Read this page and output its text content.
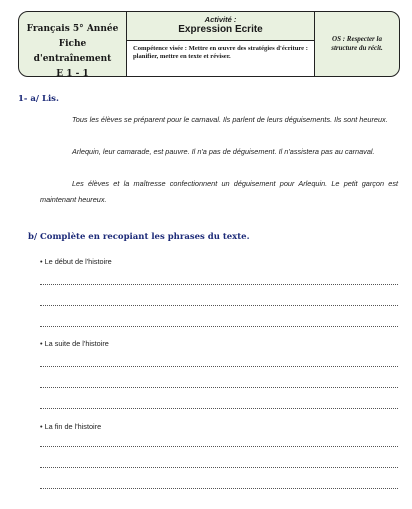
Français 5° Année
Fiche d'entraînement
E 1 - 1
Activité :
Expression Ecrite
Compétence visée : Mettre en œuvre des stratégies d'écriture : planifier, mettre en texte et réviser.
OS : Respecter la structure du récit.
1- a/ Lis.
Tous les élèves se préparent pour le carnaval. Ils parlent de leurs déguisements. Ils sont heureux.
Arlequin, leur camarade, est pauvre. Il n'a pas de déguisement. Il n'assistera pas au carnaval.
Les élèves et la maîtresse confectionnent un déguisement pour Arlequin. Le petit garçon est maintenant heureux.
b/ Complète en recopiant les phrases du texte.
• Le début de l'histoire
• La suite de l'histoire
• La fin de l'histoire
